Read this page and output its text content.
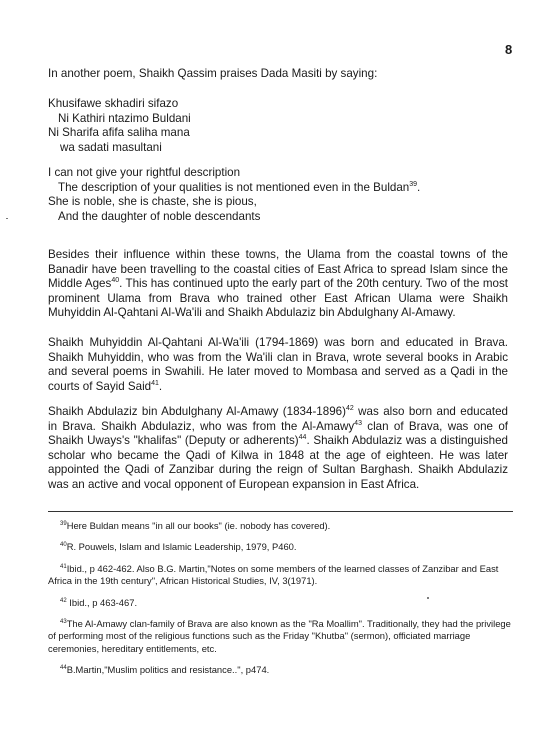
8
In another poem, Shaikh Qassim praises Dada Masiti by saying:

Khusifawe skhadiri sifazo

Ni Kathiri ntazimo Buldani

Ni Sharifa afifa saliha mana

wa sadati masultani

I can not give your rightful description

The description of your qualities is not mentioned even in the Buldan$^{39}$.

She is noble, she is chaste, she is pious,

And the daughter of noble descendants

Besides their influence within these towns, the Ulama from the coastal towns of the Banadir have been travelling to the coastal cities of East Africa to spread Islam since the Middle Ages$^{40}$. This has continued upto the early part of the 20th century. Two of the most prominent Ulama from Brava who trained other East African Ulama were Shaikh Muhyiddin Al-Qahtani Al-Wa'ili and Shaikh Abdulaziz bin Abdulghany Al-Amawy.

Shaikh Muhyiddin Al-Qahtani Al-Wa'ili (1794-1869) was born and educated in Brava. Shaikh Muhyiddin, who was from the Wa'ili clan in Brava, wrote several books in Arabic and several poems in Swahili. He later moved to Mombasa and served as a Qadi in the courts of Sayid Said$^{41}$.

Shaikh Abdulaziz bin Abdulghany Al-Amawy (1834-1896)$^{42}$ was also born and educated in Brava. Shaikh Abdulaziz, who was from the Al-Amawy$^{43}$ clan of Brava, was one of Shaikh Uways's "khalifas" (Deputy or adherents)$^{44}$. Shaikh Abdulaziz was a distinguished scholar who became the Qadi of Kilwa in 1848 at the age of eighteen. He was later appointed the Qadi of Zanzibar during the reign of Sultan Barghash. Shaikh Abdulaziz was an active and vocal opponent of European expansion in East Africa.

$^{39}$Here Buldan means "in all our books" (ie. nobody has covered).

$^{40}$R. Pouwels, Islam and Islamic Leadership, 1979, P460.

$^{41}$Ibid., p 462-462. Also B.G. Martin,"Notes on some members of the learned classes of Zanzibar and East Africa in the 19th century", African Historical Studies, IV, 3(1971).

$^{42}$ Ibid., p 463-467.

$^{43}$The Al-Amawy clan-family of Brava are also known as the "Ra Moallim". Traditionally, they had the privilege of performing most of the religious functions such as the Friday "Khutba" (sermon), officiated marriage ceremonies, hereditary entitlements, etc.

$^{44}$B.Martin,"Muslim politics and resistance..", p474.
